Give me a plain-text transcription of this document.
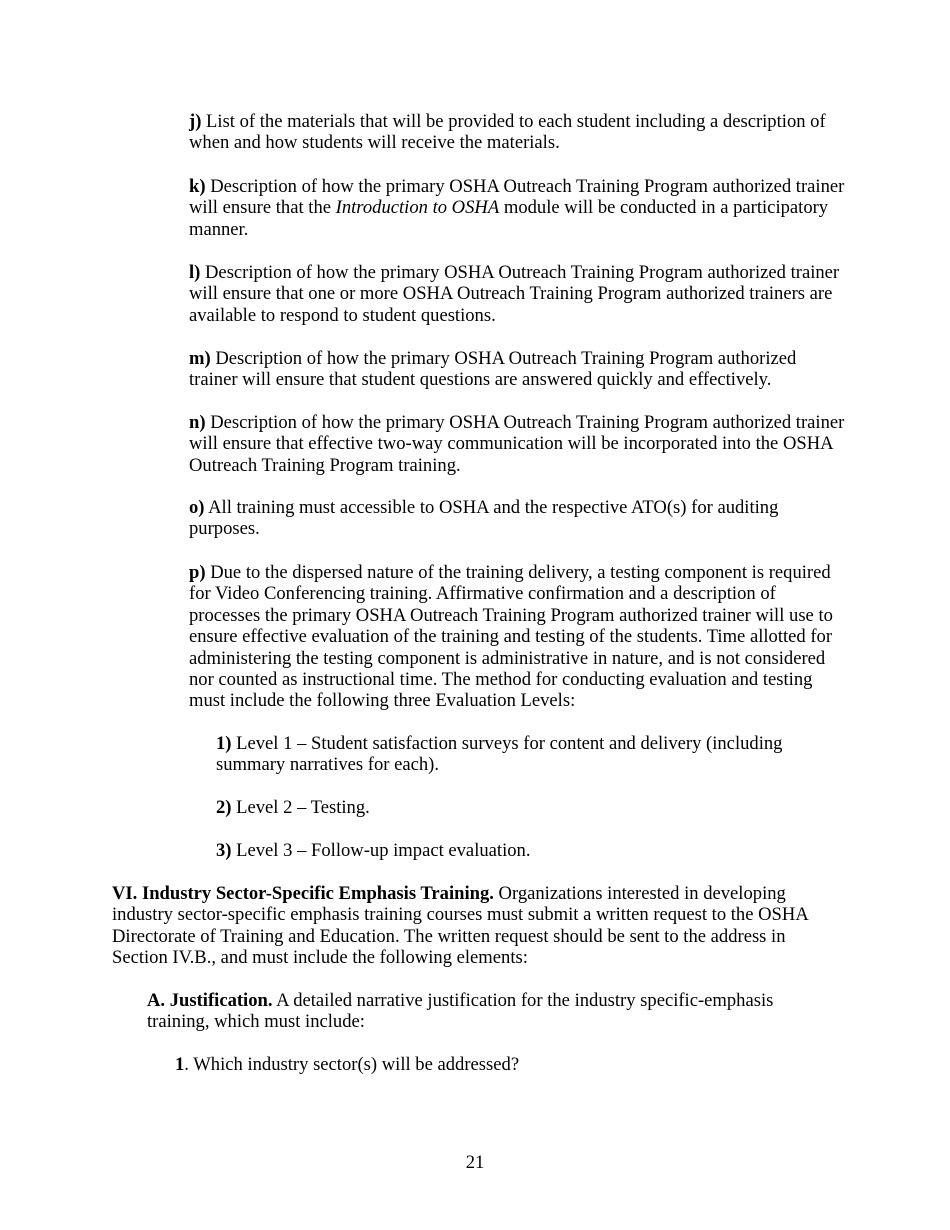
j) List of the materials that will be provided to each student including a description of when and how students will receive the materials.

k) Description of how the primary OSHA Outreach Training Program authorized trainer will ensure that the Introduction to OSHA module will be conducted in a participatory manner.

l) Description of how the primary OSHA Outreach Training Program authorized trainer will ensure that one or more OSHA Outreach Training Program authorized trainers are available to respond to student questions.

m) Description of how the primary OSHA Outreach Training Program authorized trainer will ensure that student questions are answered quickly and effectively.

n) Description of how the primary OSHA Outreach Training Program authorized trainer will ensure that effective two-way communication will be incorporated into the OSHA Outreach Training Program training.

o) All training must accessible to OSHA and the respective ATO(s) for auditing purposes.

p) Due to the dispersed nature of the training delivery, a testing component is required for Video Conferencing training. Affirmative confirmation and a description of processes the primary OSHA Outreach Training Program authorized trainer will use to ensure effective evaluation of the training and testing of the students. Time allotted for administering the testing component is administrative in nature, and is not considered nor counted as instructional time. The method for conducting evaluation and testing must include the following three Evaluation Levels:

1) Level 1 – Student satisfaction surveys for content and delivery (including summary narratives for each).

2) Level 2 – Testing.

3) Level 3 – Follow-up impact evaluation.

VI. Industry Sector-Specific Emphasis Training. Organizations interested in developing industry sector-specific emphasis training courses must submit a written request to the OSHA Directorate of Training and Education. The written request should be sent to the address in Section IV.B., and must include the following elements:

A. Justification. A detailed narrative justification for the industry specific-emphasis training, which must include:

1. Which industry sector(s) will be addressed?

21
